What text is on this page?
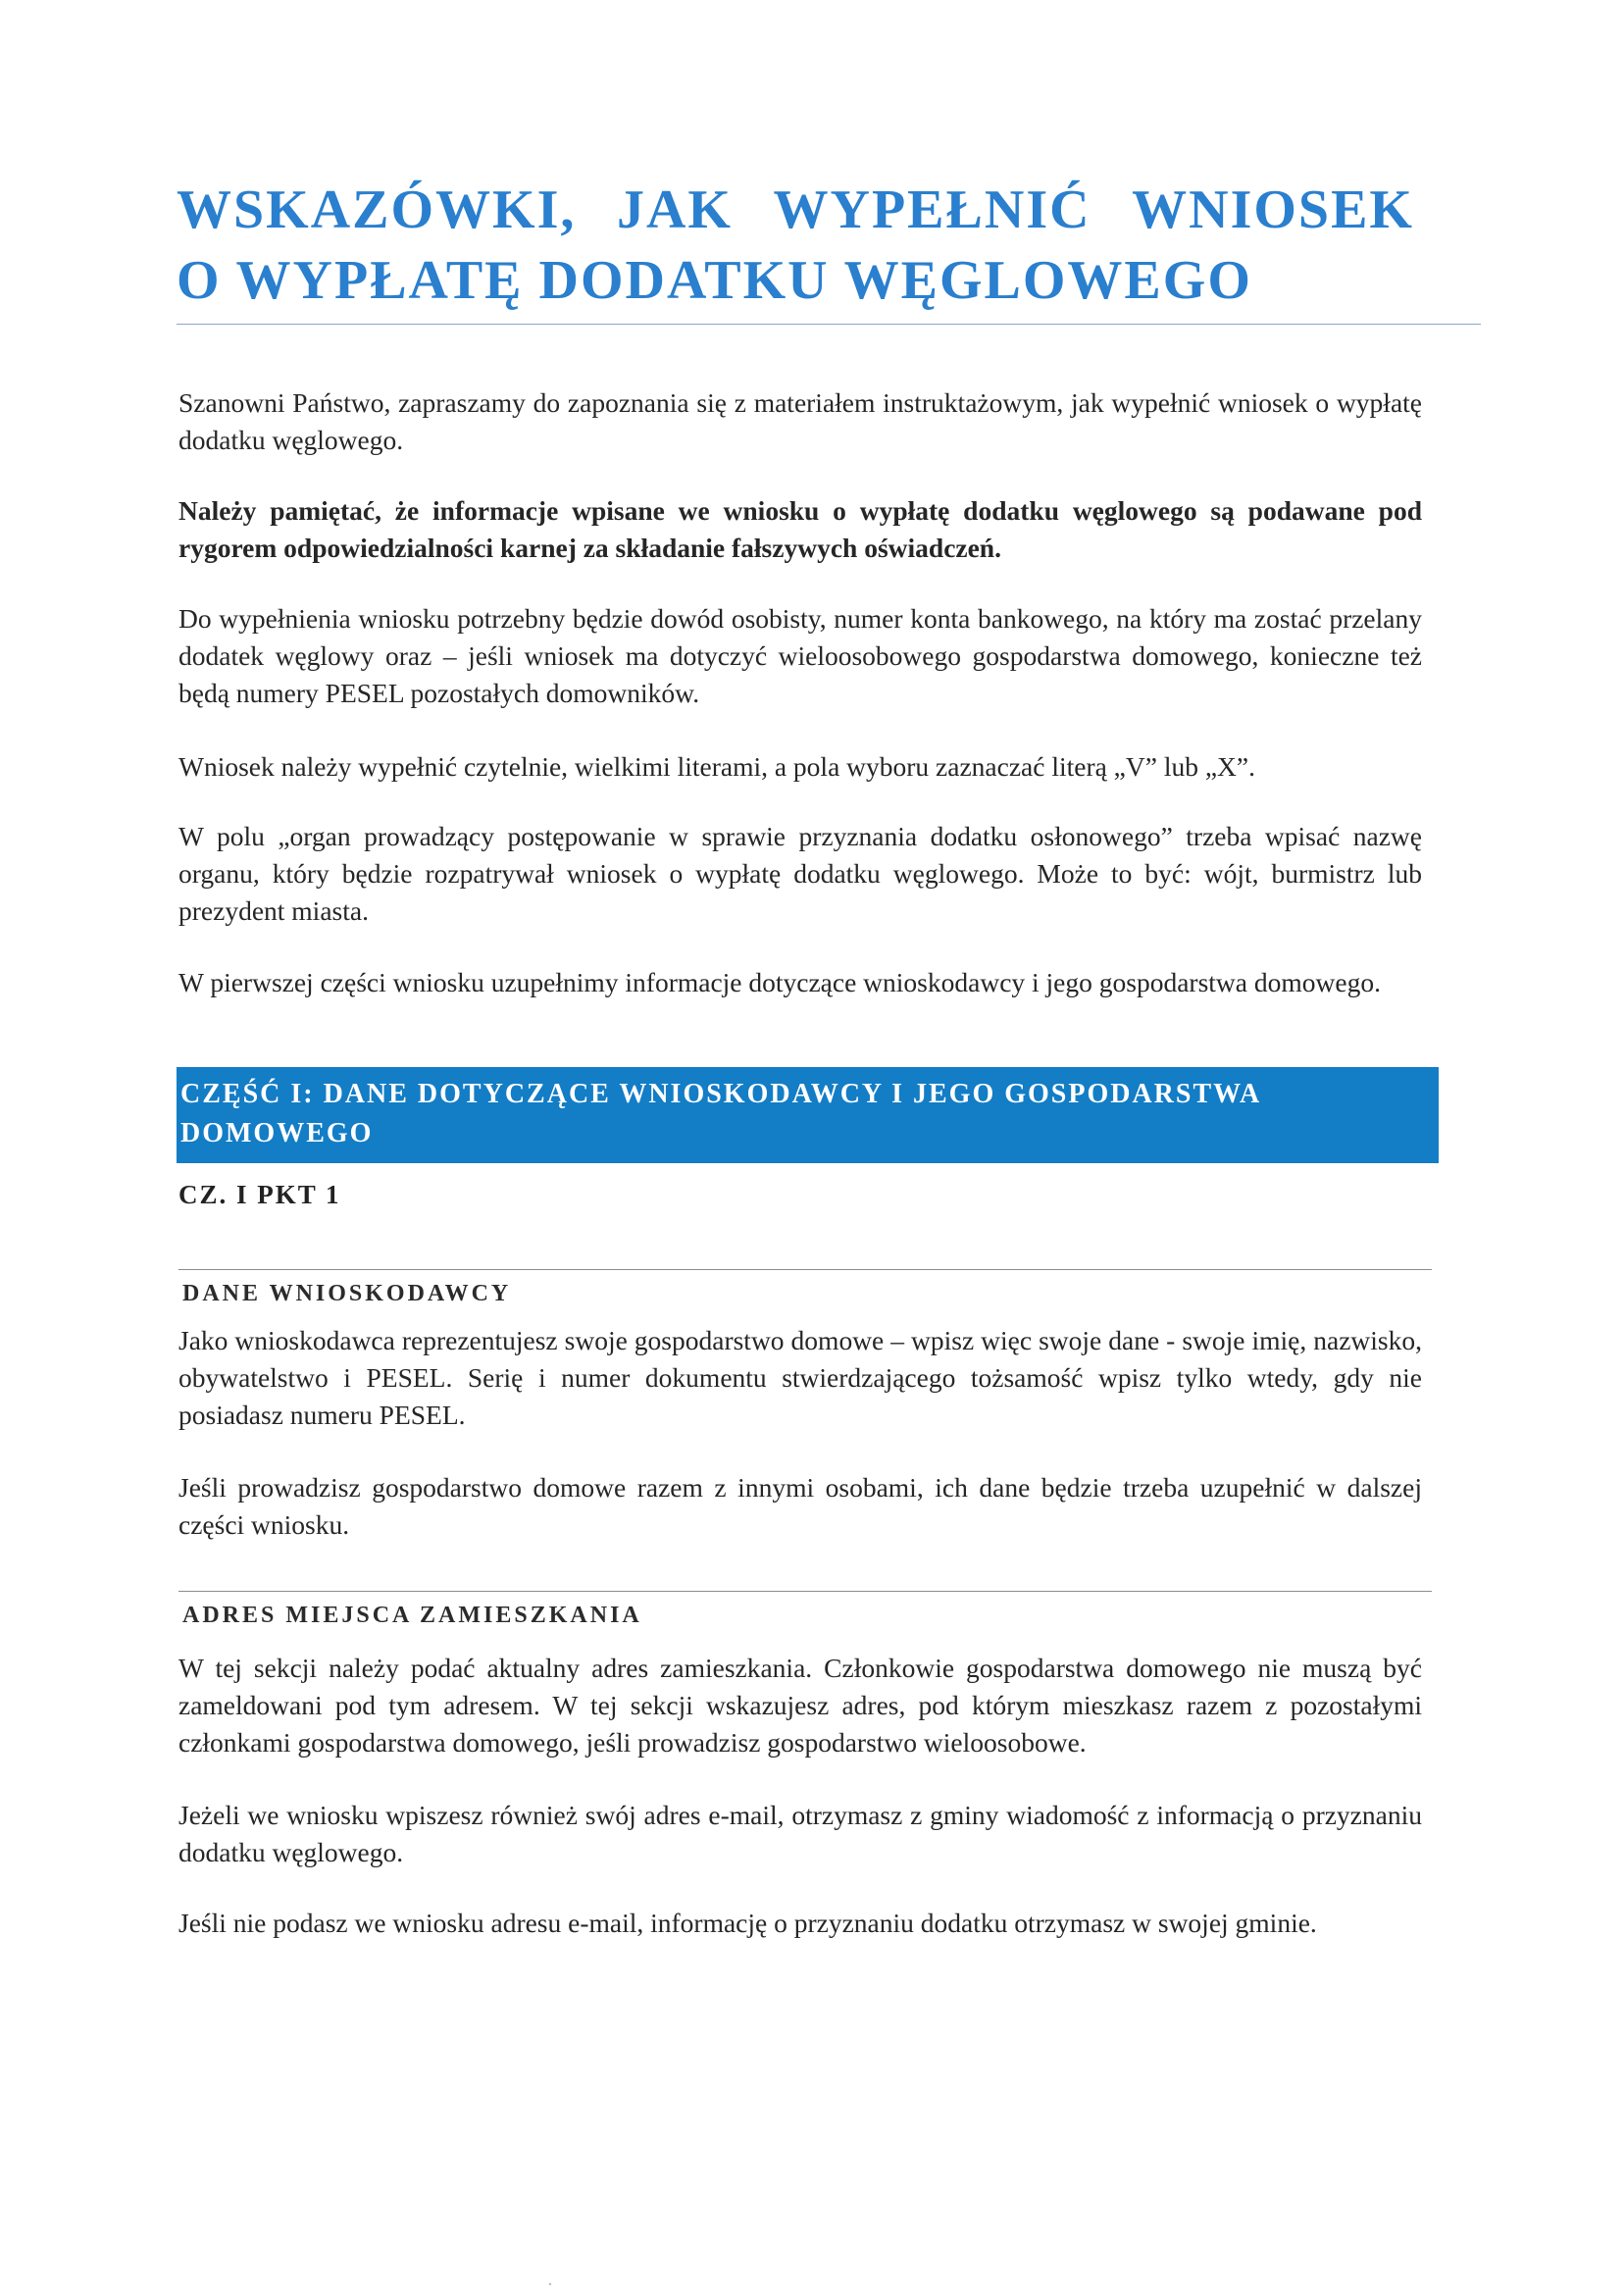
WSKAZÓWKI, JAK WYPEŁNIĆ WNIOSEK
O WYPŁATĘ DODATKU WĘGLOWEGO
Szanowni Państwo, zapraszamy do zapoznania się z materiałem instruktażowym, jak wypełnić wniosek o wypłatę dodatku węglowego.
Należy pamiętać, że informacje wpisane we wniosku o wypłatę dodatku węglowego są podawane pod rygorem odpowiedzialności karnej za składanie fałszywych oświadczeń.
Do wypełnienia wniosku potrzebny będzie dowód osobisty, numer konta bankowego, na który ma zostać przelany dodatek węglowy oraz – jeśli wniosek ma dotyczyć wieloosobowego gospodarstwa domowego, konieczne też będą numery PESEL pozostałych domowników.
Wniosek należy wypełnić czytelnie, wielkimi literami, a pola wyboru zaznaczać literą „V” lub „X”.
W polu „organ prowadzący postępowanie w sprawie przyznania dodatku osłonowego” trzeba wpisać nazwę organu, który będzie rozpatrywał wniosek o wypłatę dodatku węglowego. Może to być: wójt, burmistrz lub prezydent miasta.
W pierwszej części wniosku uzupełnimy informacje dotyczące wnioskodawcy i jego gospodarstwa domowego.
CZĘŚĆ I: DANE DOTYCZĄCE WNIOSKODAWCY I JEGO GOSPODARSTWA DOMOWEGO
CZ. I PKT 1
DANE WNIOSKODAWCY
Jako wnioskodawca reprezentujesz swoje gospodarstwo domowe – wpisz więc swoje dane - swoje imię, nazwisko, obywatelstwo i PESEL. Serię i numer dokumentu stwierdzającego tożsamość wpisz tylko wtedy, gdy nie posiadasz numeru PESEL.
Jeśli prowadzisz gospodarstwo domowe razem z innymi osobami, ich dane będzie trzeba uzupełnić w dalszej części wniosku.
ADRES MIEJSCA ZAMIESZKANIA
W tej sekcji należy podać aktualny adres zamieszkania. Członkowie gospodarstwa domowego nie muszą być zameldowani pod tym adresem. W tej sekcji wskazujesz adres, pod którym mieszkasz razem z pozostałymi członkami gospodarstwa domowego, jeśli prowadzisz gospodarstwo wieloosobowe.
Jeżeli we wniosku wpiszesz również swój adres e-mail, otrzymasz z gminy wiadomość z informacją o przyznaniu dodatku węglowego.
Jeśli nie podasz we wniosku adresu e-mail, informację o przyznaniu dodatku otrzymasz w swojej gminie.
